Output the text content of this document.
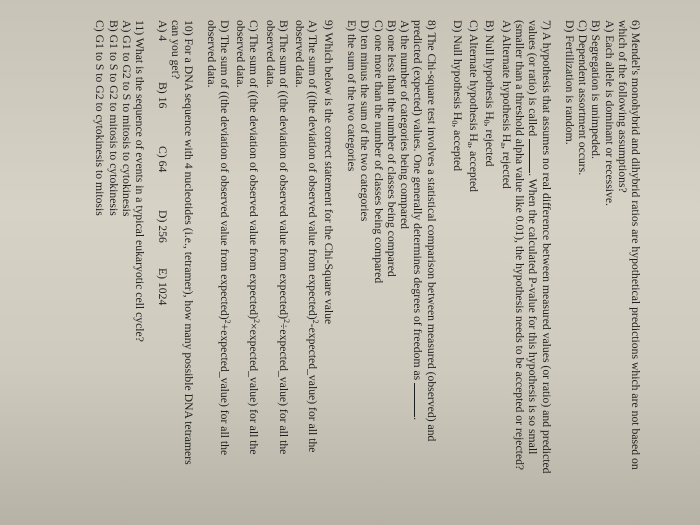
6) Mendel's monohybrid and dihybrid ratios are hypothetical predictions which are not based on
which of the following assumptions?
A) Each allele is dominant or recessive.
B) Segregation is unimpeded.
C) Dependent assortment occurs.
D) Fertilization is random.
7) A hypothesis that assumes no real difference between measured values (or ratio) and predicted
values (or ratio) is called . When the calculated P-value for this hypothesis is so small
(smaller than a threshold alpha value like 0.01), the hypothesis needs to be accepted or rejected?
A) Alternate hypothesis $H_a$, rejected
B) Null hypothesis $H_0$, rejected
C) Alternate hypothesis $H_a$, accepted
D) Null hypothesis $H_0$, accepted
8) The Chi-square test involves a statistical comparison between measured (observed) and
predicted (expected) values. One generally determines degrees of freedom as .
A) the number of categories being compared
B) one less than the number of classes being compared
C) one more than the number of classes being compared
D) ten minus the sum of the two categories
E) the sum of the two categories
9) Which below is the correct statement for the Chi-Square value
A) The sum of ((the deviation of observed value from expected)$^2$-expected_value) for all the
observed data.
B) The sum of ((the deviation of observed value from expected)$^2$÷expected_value) for all the
observed data.
C) The sum of ((the deviation of observed value from expected)$^2$×expected_value) for all the
observed data.
D) The sum of ((the deviation of observed value from expected)$^2$+expected_value) for all the
observed data.
10) For a DNA sequence with 4 nucleotides (i.e., tetramer), how many possible DNA tetramers
can you get?
A) 4B) 16C) 64D) 256E) 1024
11) What is the sequence of events in a typical eukaryotic cell cycle?
A) G1 to G2 to S to mitosis to cytokinesis
B) G1 to S to G2 to mitosis to cytokinesis
C) G1 to S to G2 to cytokinesis to mitosis
